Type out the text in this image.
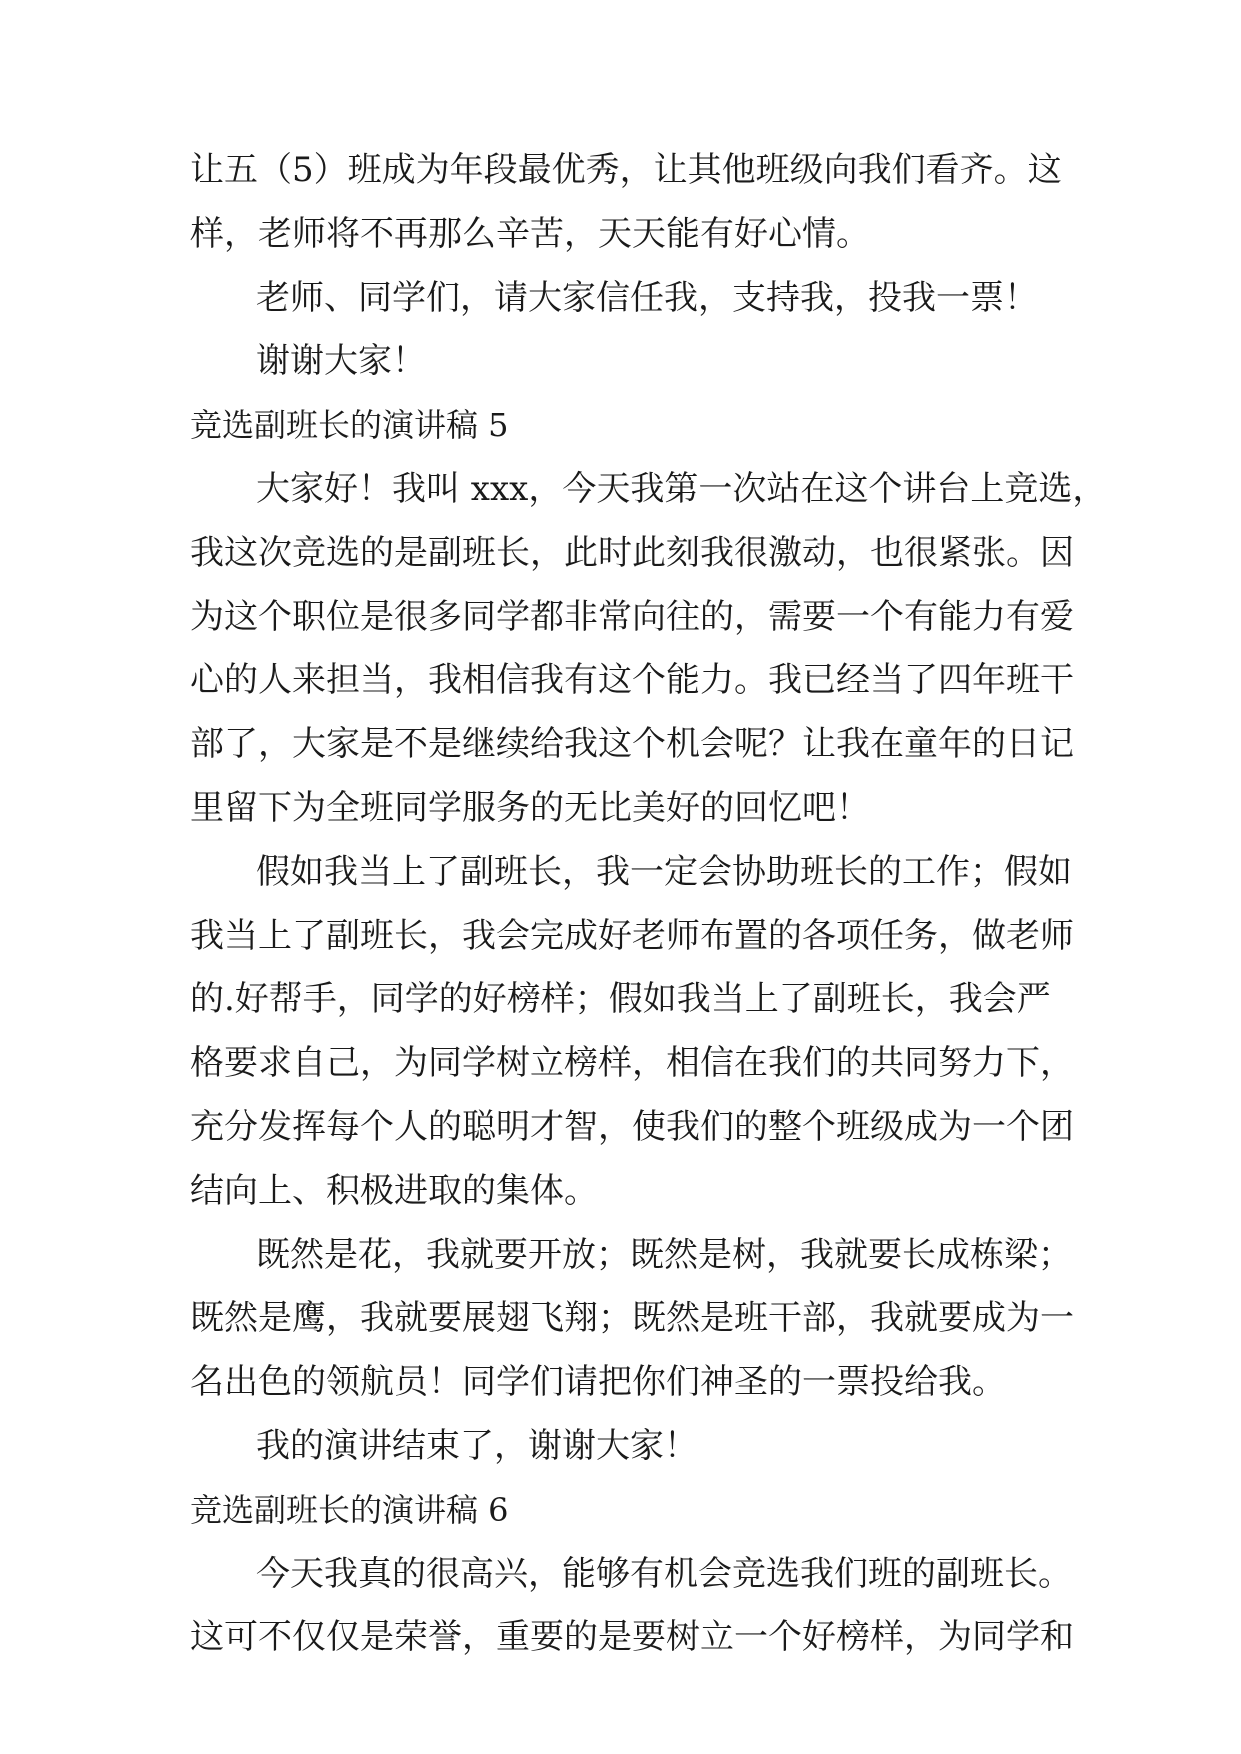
让五（5）班成为年段最优秀，让其他班级向我们看齐。这
样，老师将不再那么辛苦，天天能有好心情。
老师、同学们，请大家信任我，支持我，投我一票！
谢谢大家！
竞选副班长的演讲稿 5
大家好！我叫 xxx，今天我第一次站在这个讲台上竞选，
我这次竞选的是副班长，此时此刻我很激动，也很紧张。因
为这个职位是很多同学都非常向往的，需要一个有能力有爱
心的人来担当，我相信我有这个能力。我已经当了四年班干
部了，大家是不是继续给我这个机会呢？让我在童年的日记
里留下为全班同学服务的无比美好的回忆吧！
假如我当上了副班长，我一定会协助班长的工作；假如
我当上了副班长，我会完成好老师布置的各项任务，做老师
的.好帮手，同学的好榜样；假如我当上了副班长，我会严
格要求自己，为同学树立榜样，相信在我们的共同努力下，
充分发挥每个人的聪明才智，使我们的整个班级成为一个团
结向上、积极进取的集体。
既然是花，我就要开放；既然是树，我就要长成栋梁；
既然是鹰，我就要展翅飞翔；既然是班干部，我就要成为一
名出色的领航员！同学们请把你们神圣的一票投给我。
我的演讲结束了，谢谢大家！
竞选副班长的演讲稿 6
今天我真的很高兴，能够有机会竞选我们班的副班长。
这可不仅仅是荣誉，重要的是要树立一个好榜样，为同学和
